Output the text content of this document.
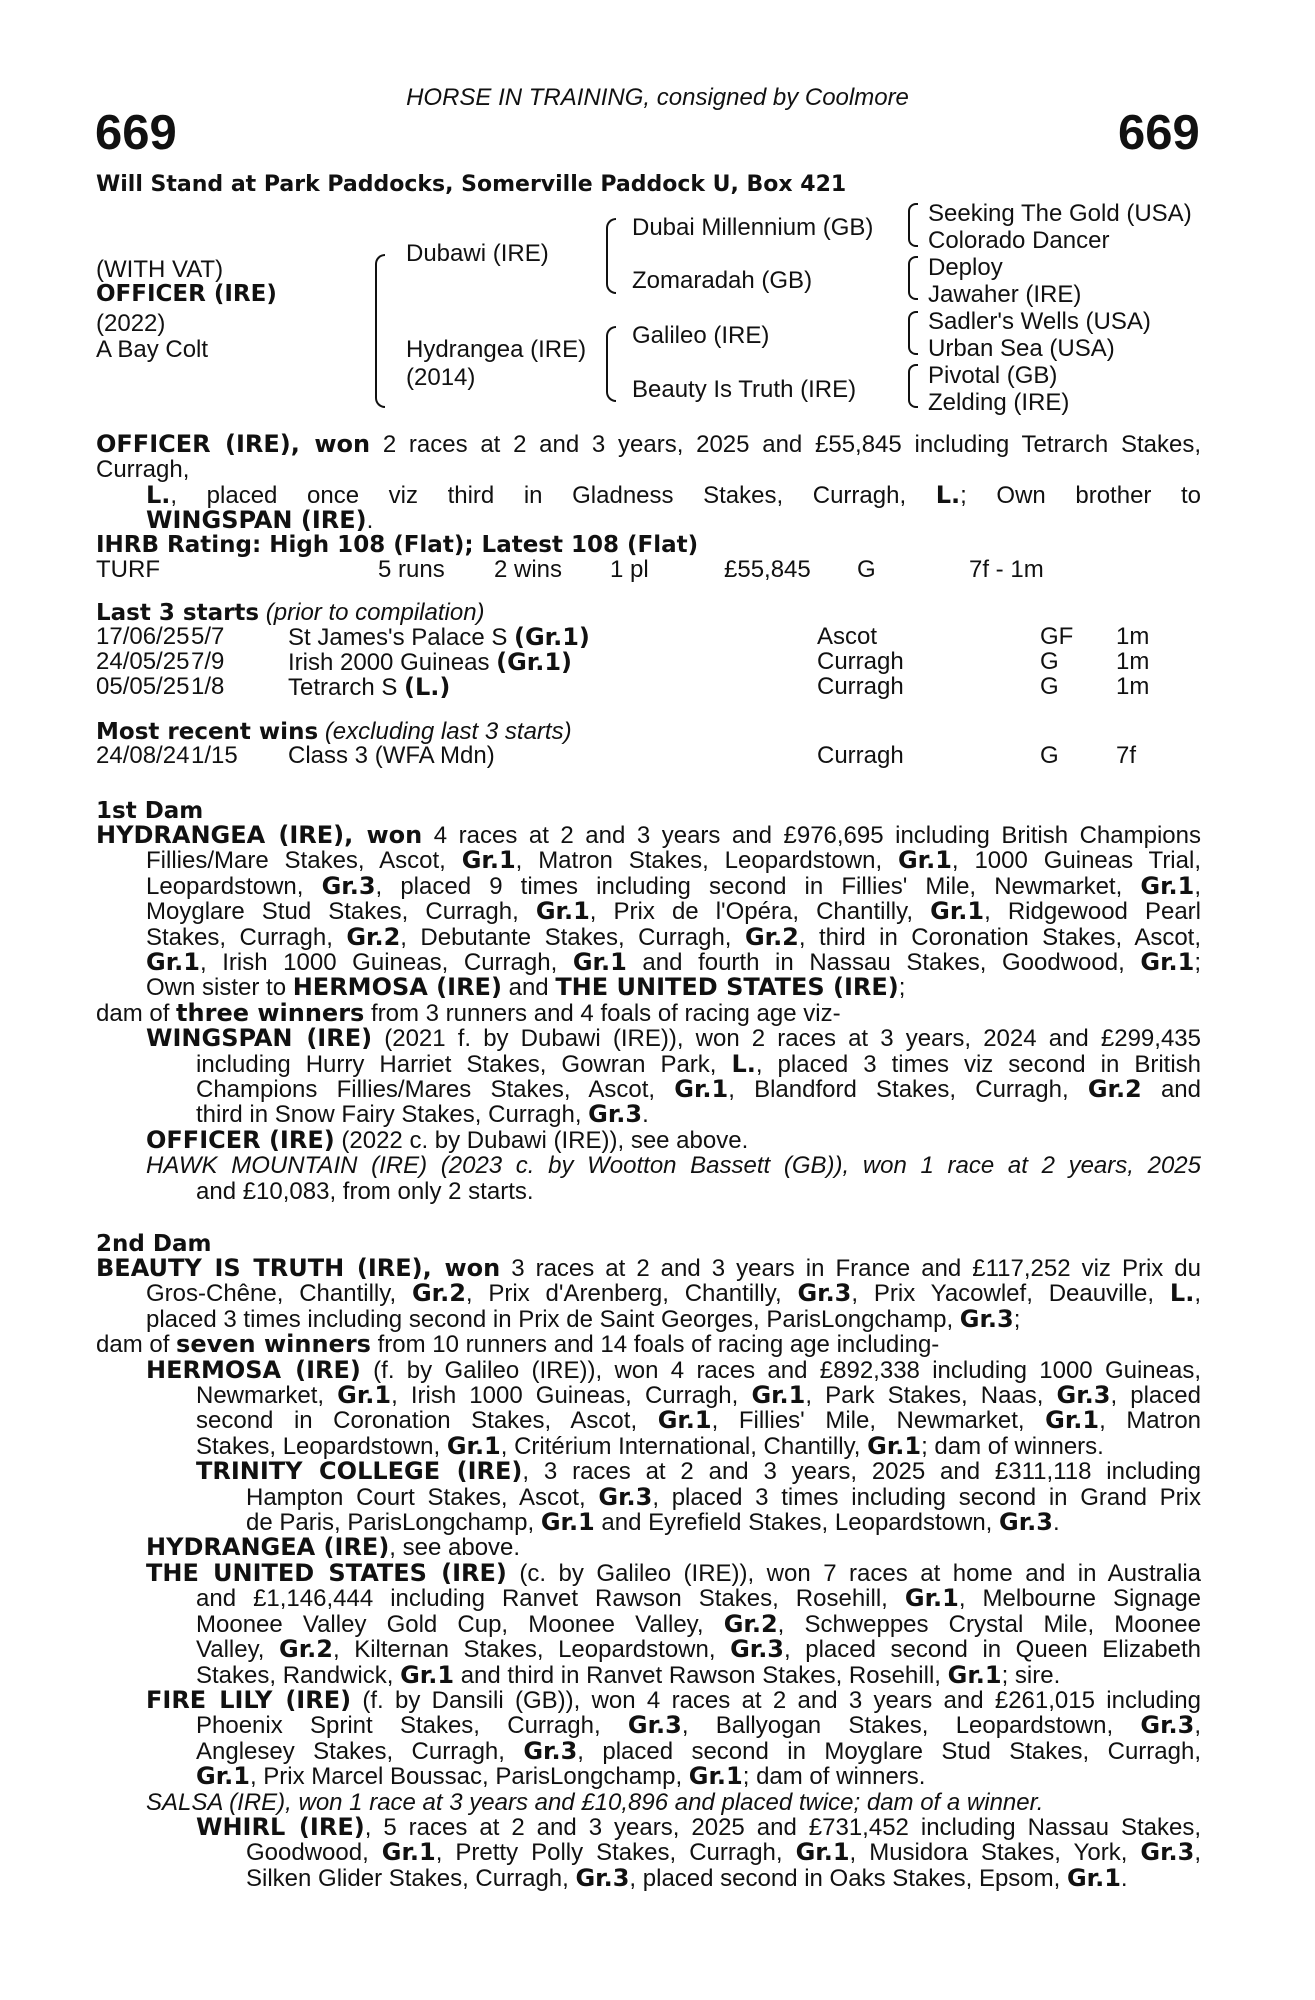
HORSE IN TRAINING, consigned by Coolmore
669	669
Will Stand at Park Paddocks, Somerville Paddock U, Box 421
(WITH VAT)
OFFICER (IRE)
(2022)
A Bay Colt
Dubawi (IRE)
Hydrangea (IRE)
(2014)
Dubai Millennium (GB)
Zomaradah (GB)
Galileo (IRE)
Beauty Is Truth (IRE)
Seeking The Gold (USA)
Colorado Dancer
Deploy
Jawaher (IRE)
Sadler's Wells (USA)
Urban Sea (USA)
Pivotal (GB)
Zelding (IRE)
OFFICER (IRE), won 2 races at 2 and 3 years, 2025 and £55,845 including Tetrarch Stakes, Curragh,
L., placed once viz third in Gladness Stakes, Curragh, L.; Own brother to
WINGSPAN (IRE).
IHRB Rating: High 108 (Flat); Latest 108 (Flat)
TURF	5 runs 2 wins 1 pl	£55,845 G	7f - 1m
Last 3 starts (prior to compilation)
17/06/25 5/7	St James's Palace S (Gr.1)	Ascot	GF 1m
24/05/25 7/9	Irish 2000 Guineas (Gr.1)	Curragh	G 1m
05/05/25 1/8	Tetrarch S (L.)	Curragh	G 1m
Most recent wins (excluding last 3 starts)
24/08/24 1/15 Class 3 (WFA Mdn)	Curragh	G 7f
1st Dam
HYDRANGEA (IRE), won 4 races at 2 and 3 years and £976,695 including British Champions
Fillies/Mare Stakes, Ascot, Gr.1, Matron Stakes, Leopardstown, Gr.1, 1000 Guineas Trial,
Leopardstown, Gr.3, placed 9 times including second in Fillies' Mile, Newmarket, Gr.1,
Moyglare Stud Stakes, Curragh, Gr.1, Prix de l'Opéra, Chantilly, Gr.1, Ridgewood Pearl
Stakes, Curragh, Gr.2, Debutante Stakes, Curragh, Gr.2, third in Coronation Stakes, Ascot,
Gr.1, Irish 1000 Guineas, Curragh, Gr.1 and fourth in Nassau Stakes, Goodwood, Gr.1;
Own sister to HERMOSA (IRE) and THE UNITED STATES (IRE);
dam of three winners from 3 runners and 4 foals of racing age viz-
WINGSPAN (IRE) (2021 f. by Dubawi (IRE)), won 2 races at 3 years, 2024 and £299,435
including Hurry Harriet Stakes, Gowran Park, L., placed 3 times viz second in British
Champions Fillies/Mares Stakes, Ascot, Gr.1, Blandford Stakes, Curragh, Gr.2 and
third in Snow Fairy Stakes, Curragh, Gr.3.
OFFICER (IRE) (2022 c. by Dubawi (IRE)), see above.
HAWK MOUNTAIN (IRE) (2023 c. by Wootton Bassett (GB)), won 1 race at 2 years, 2025
and £10,083, from only 2 starts.
2nd Dam
BEAUTY IS TRUTH (IRE), won 3 races at 2 and 3 years in France and £117,252 viz Prix du
Gros-Chêne, Chantilly, Gr.2, Prix d'Arenberg, Chantilly, Gr.3, Prix Yacowlef, Deauville, L.,
placed 3 times including second in Prix de Saint Georges, ParisLongchamp, Gr.3;
dam of seven winners from 10 runners and 14 foals of racing age including-
HERMOSA (IRE) (f. by Galileo (IRE)), won 4 races and £892,338 including 1000 Guineas,
Newmarket, Gr.1, Irish 1000 Guineas, Curragh, Gr.1, Park Stakes, Naas, Gr.3, placed
second in Coronation Stakes, Ascot, Gr.1, Fillies' Mile, Newmarket, Gr.1, Matron
Stakes, Leopardstown, Gr.1, Critérium International, Chantilly, Gr.1; dam of winners.
TRINITY COLLEGE (IRE), 3 races at 2 and 3 years, 2025 and £311,118 including
Hampton Court Stakes, Ascot, Gr.3, placed 3 times including second in Grand Prix
de Paris, ParisLongchamp, Gr.1 and Eyrefield Stakes, Leopardstown, Gr.3.
HYDRANGEA (IRE), see above.
THE UNITED STATES (IRE) (c. by Galileo (IRE)), won 7 races at home and in Australia
and £1,146,444 including Ranvet Rawson Stakes, Rosehill, Gr.1, Melbourne Signage
Moonee Valley Gold Cup, Moonee Valley, Gr.2, Schweppes Crystal Mile, Moonee
Valley, Gr.2, Kilternan Stakes, Leopardstown, Gr.3, placed second in Queen Elizabeth
Stakes, Randwick, Gr.1 and third in Ranvet Rawson Stakes, Rosehill, Gr.1; sire.
FIRE LILY (IRE) (f. by Dansili (GB)), won 4 races at 2 and 3 years and £261,015 including
Phoenix Sprint Stakes, Curragh, Gr.3, Ballyogan Stakes, Leopardstown, Gr.3,
Anglesey Stakes, Curragh, Gr.3, placed second in Moyglare Stud Stakes, Curragh,
Gr.1, Prix Marcel Boussac, ParisLongchamp, Gr.1; dam of winners.
SALSA (IRE), won 1 race at 3 years and £10,896 and placed twice; dam of a winner.
WHIRL (IRE), 5 races at 2 and 3 years, 2025 and £731,452 including Nassau Stakes,
Goodwood, Gr.1, Pretty Polly Stakes, Curragh, Gr.1, Musidora Stakes, York, Gr.3,
Silken Glider Stakes, Curragh, Gr.3, placed second in Oaks Stakes, Epsom, Gr.1.
